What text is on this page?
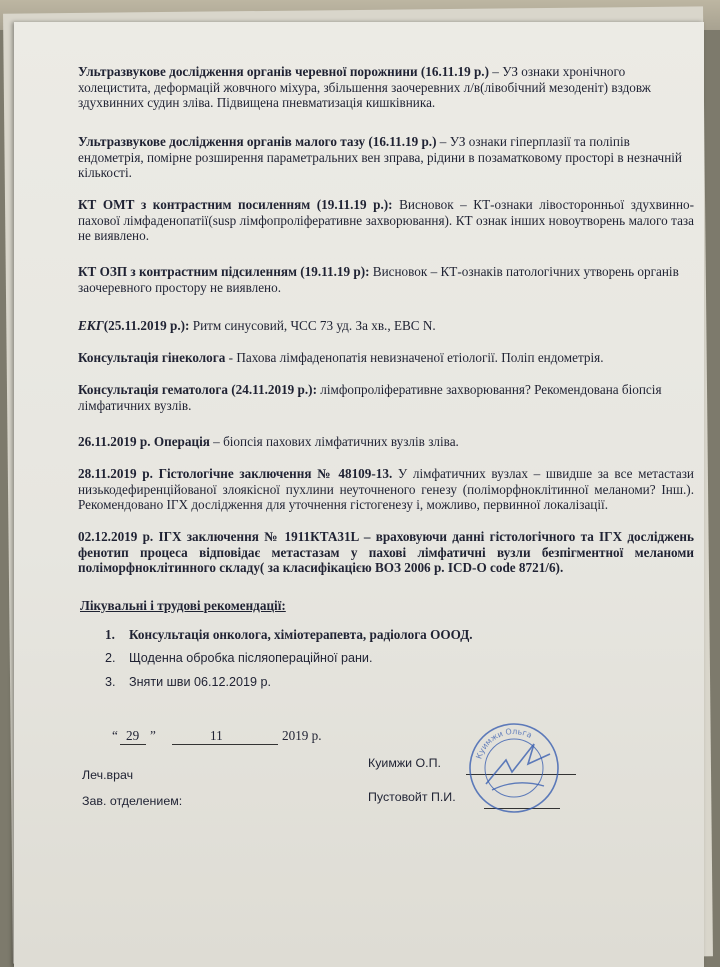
Ультразвукове дослідження органів черевної порожнини (16.11.19 р.) – УЗ ознаки хронічного холециститa, деформацій жовчного міхура, збільшення заочеревних л/в(лівобічний мезоденіт) вздовж здухвинних судин зліва. Підвищена пневматизація кишківника.

Ультразвукове дослідження органів малого тазу (16.11.19 р.) – УЗ ознаки гіперплазії та поліпів ендометрія, помірне розширення параметральних вен зправа, рідини в позаматковому просторі в незначній кількості.

КТ ОМТ з контрастним посиленням (19.11.19 р.): Висновок – КТ-ознаки лівосторонньої здухвинно-пахової лімфаденопатії(susp лімфопроліферативне захворювання). КТ ознак інших новоутворень малого таза не виявлено.

КТ ОЗП з контрастним підсиленням (19.11.19 р): Висновок – КТ-ознаків патологічних утворень органів заочеревного простору не виявлено.

ЕКГ(25.11.2019 р.): Ритм синусовий, ЧСС 73 уд. За хв., ЕВС N.

Консультація гінеколога - Пахова лімфаденопатія невизначеної етіології. Поліп ендометрія.

Консультація гематолога (24.11.2019 р.): лімфопроліферативне захворювання? Рекомендована біопсія лімфатичних вузлів.

26.11.2019 р. Операція – біопсія пахових лімфатичних вузлів зліва.

28.11.2019 р. Гістологічне заключення № 48109-13. У лімфатичних вузлах – швидше за все метастази низькодефиренційованої злоякісної пухлини неуточненого генезу (поліморфноклітинної меланоми? Інш.). Рекомендовано ІГХ дослідження для уточнення гістогенезу і, можливо, первинної локалізації.

02.12.2019 р. ІГХ заключення № 1911КТА31L – враховуючи данні гістологічного та ІГХ досліджень фенотип процеса відповідає метастазам у пахові лімфатичні вузли безпігментної меланоми поліморфноклітинного складу( за класифікацією ВОЗ 2006 р. ICD-O code 8721/6).

Лікувальні і трудові рекомендації:

1. Консультація онколога, хіміотерапевта, радіолога ОООД.
2. Щоденна обробка післяопераційної рани.
3. Зняти шви 06.12.2019 р.
“ 29 ”	11	2019 р.
Леч.врач
Куимжи О.П.
Зав. отделением:	Пустовойт П.И.
Куимжи Ольга
